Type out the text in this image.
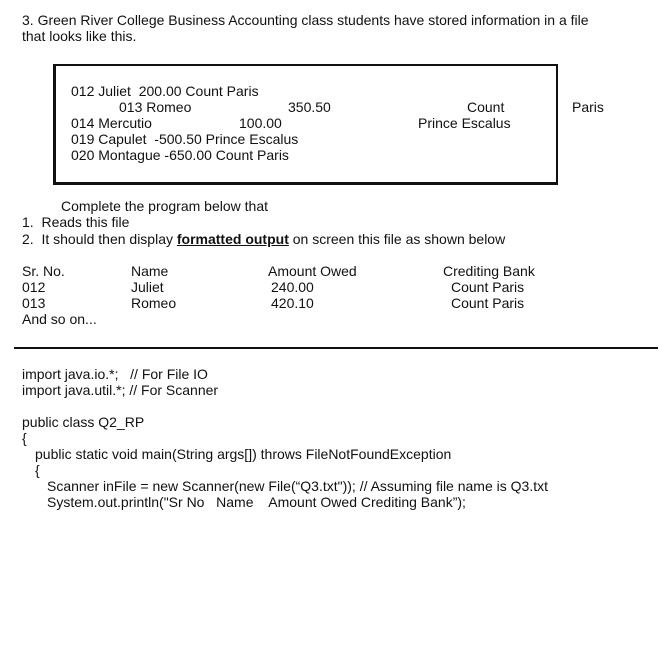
3. Green River College Business Accounting class students have stored information in a file
that looks like this.
012 Juliet  200.00 Count Paris
013 Romeo	350.50	Count	Paris
014 Mercutio	100.00	Prince Escalus
019 Capulet  -500.50 Prince Escalus
020 Montague -650.00 Count Paris
Complete the program below that
1.  Reads this file
2.  It should then display formatted output on screen this file as shown below
Sr. No.	Name	Amount Owed	Crediting Bank
012	Juliet	240.00	Count Paris
013	Romeo	420.10	Count Paris
And so on...
import java.io.*;   // For File IO
import java.util.*; // For Scanner
public class Q2_RP
{
public static void main(String args[]) throws FileNotFoundException
{
Scanner inFile = new Scanner(new File(“Q3.txt")); // Assuming file name is Q3.txt
System.out.println("Sr No   Name    Amount Owed Crediting Bank”);
